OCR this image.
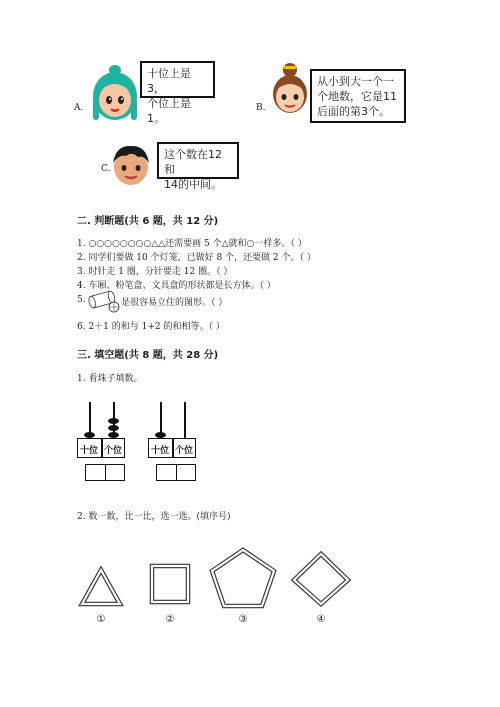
A.
十位上是3，
个位上是1。
B.
从小到大一个一
个地数，它是11
后面的第3个。
C.
这个数在12和
14的中间。
二. 判断题(共 6 题，共 12 分)
1. ○○○○○○○○△△还需要画 5 个△就和○一样多。（ ）
2. 同学们要做 10 个灯笼，已做好 8 个，还要做 2 个。（ ）
3. 时针走 1 圈，分针要走 12 圈。（ ）
4. 车厢、粉笔盒、文具盒的形状都是长方体。（ ）
5.	是很容易立住的图形。（ ）
6. 2＋1 的和与 1+2 的和相等。（ ）
三. 填空题(共 8 题，共 28 分)
1. 看珠子填数。
十位 个位	十位 个位
2. 数一数，比一比，选一选。(填序号)
①	②	③	④
